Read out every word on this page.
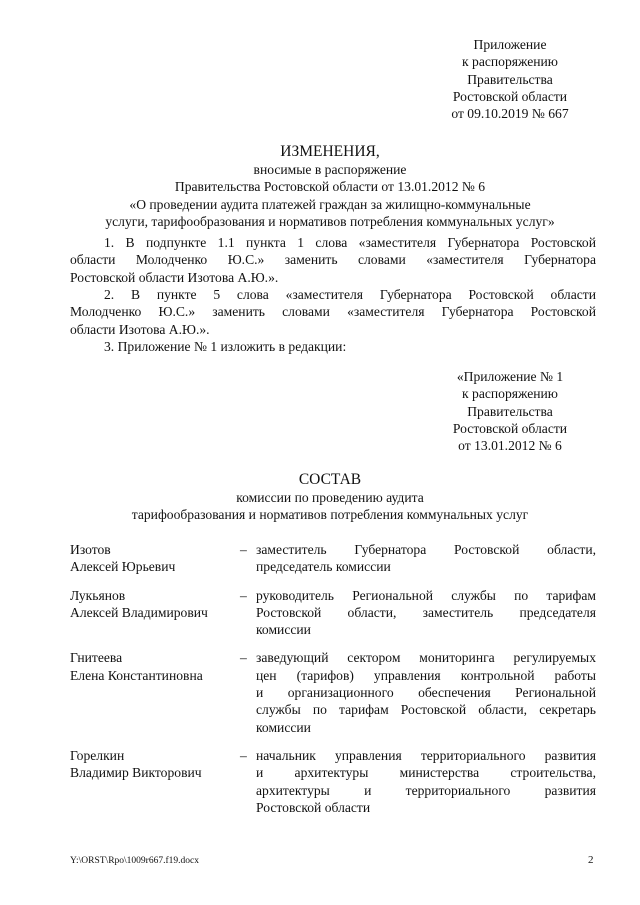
Приложение
к распоряжению
Правительства
Ростовской области
от 09.10.2019 № 667
ИЗМЕНЕНИЯ,
вносимые в распоряжение
Правительства Ростовской области от 13.01.2012 № 6
«О проведении аудита платежей граждан за жилищно-коммунальные
услуги, тарифообразования и нормативов потребления коммунальных услуг»
1. В подпункте 1.1 пункта 1 слова «заместителя Губернатора Ростовской
области Молодченко Ю.С.» заменить словами «заместителя Губернатора
Ростовской области Изотова А.Ю.».
2. В пункте 5 слова «заместителя Губернатора Ростовской области
Молодченко Ю.С.» заменить словами «заместителя Губернатора Ростовской
области Изотова А.Ю.».
3. Приложение № 1 изложить в редакции:
«Приложение № 1
к распоряжению
Правительства
Ростовской области
от 13.01.2012 № 6
СОСТАВ
комиссии по проведению аудита
тарифообразования и нормативов потребления коммунальных услуг
Изотов
Алексей Юрьевич
– заместитель Губернатора Ростовской области,
председатель комиссии
Лукьянов
Алексей Владимирович
– руководитель Региональной службы по тарифам
Ростовской области, заместитель председателя
комиссии
Гнитеева
Елена Константиновна
– заведующий сектором мониторинга регулируемых
цен (тарифов) управления контрольной работы
и организационного обеспечения Региональной
службы по тарифам Ростовской области, секретарь
комиссии
Горелкин
Владимир Викторович
– начальник управления территориального развития
и архитектуры министерства строительства,
архитектуры и территориального развития
Ростовской области
Y:\ORST\Rpo\1009r667.f19.docx	2
